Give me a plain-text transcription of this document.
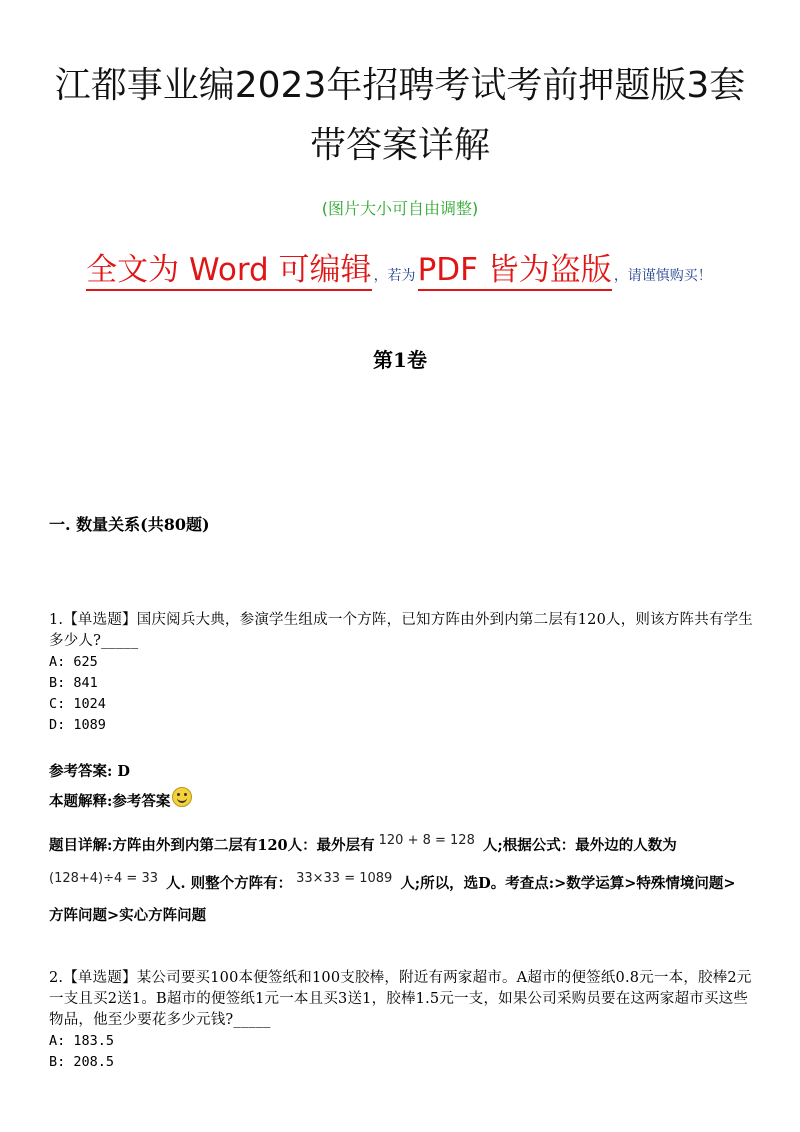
江都事业编2023年招聘考试考前押题版3套
带答案详解
(图片大小可自由调整)
全文为 Word 可编辑 ，若为PDF 皆为盗版 ，请谨慎购买！
第1卷
一. 数量关系(共80题)
1.【单选题】国庆阅兵大典，参演学生组成一个方阵，已知方阵由外到内第二层有120人，则该方阵共有学生多少人?_____
A: 625
B: 841
C: 1024
D: 1089
参考答案: D
本题解释:参考答案
题目详解:方阵由外到内第二层有120人：最外层有 120 + 8 = 128 人;根据公式：最外边的人数为
(128+4)÷4 = 33 人. 则整个方阵有： 33×33 = 1089 人;所以，选D。考查点:>数学运算>特殊情境问题>
方阵问题>实心方阵问题
2.【单选题】某公司要买100本便签纸和100支胶棒，附近有两家超市。A超市的便签纸0.8元一本，胶棒2元一支且买2送1。B超市的便签纸1元一本且买3送1，胶棒1.5元一支，如果公司采购员要在这两家超市买这些物品，他至少要花多少元钱?_____
A: 183.5
B: 208.5
